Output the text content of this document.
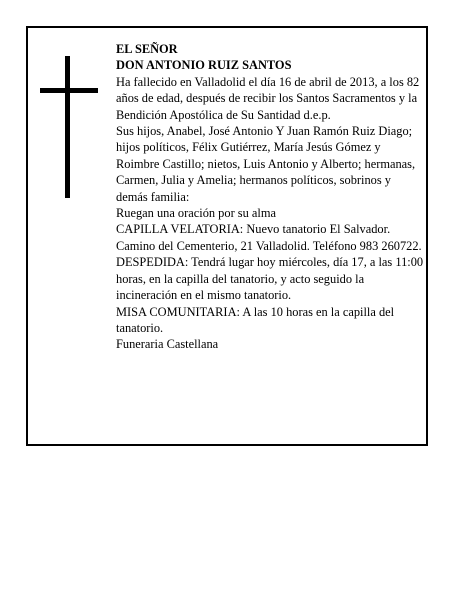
EL SEÑOR

DON ANTONIO RUIZ SANTOS

Ha fallecido en Valladolid el día 16 de abril de 2013, a los 82 años de edad, después de recibir los Santos Sacramentos y la Bendición Apostólica de Su Santidad d.e.p.

Sus hijos, Anabel, José Antonio Y Juan Ramón Ruiz Diago; hijos políticos, Félix Gutiérrez, María Jesús Gómez y Roimbre Castillo; nietos, Luis Antonio y Alberto; hermanas, Carmen, Julia y Amelia; hermanos políticos, sobrinos y demás familia:

Ruegan una oración por su alma

CAPILLA VELATORIA: Nuevo tanatorio El Salvador. Camino del Cementerio, 21 Valladolid. Teléfono 983 260722.

DESPEDIDA: Tendrá lugar hoy miércoles, día 17, a las 11:00 horas, en la capilla del tanatorio, y acto seguido la incineración en el mismo tanatorio.

MISA COMUNITARIA: A las 10 horas en la capilla del tanatorio.

Funeraria Castellana
